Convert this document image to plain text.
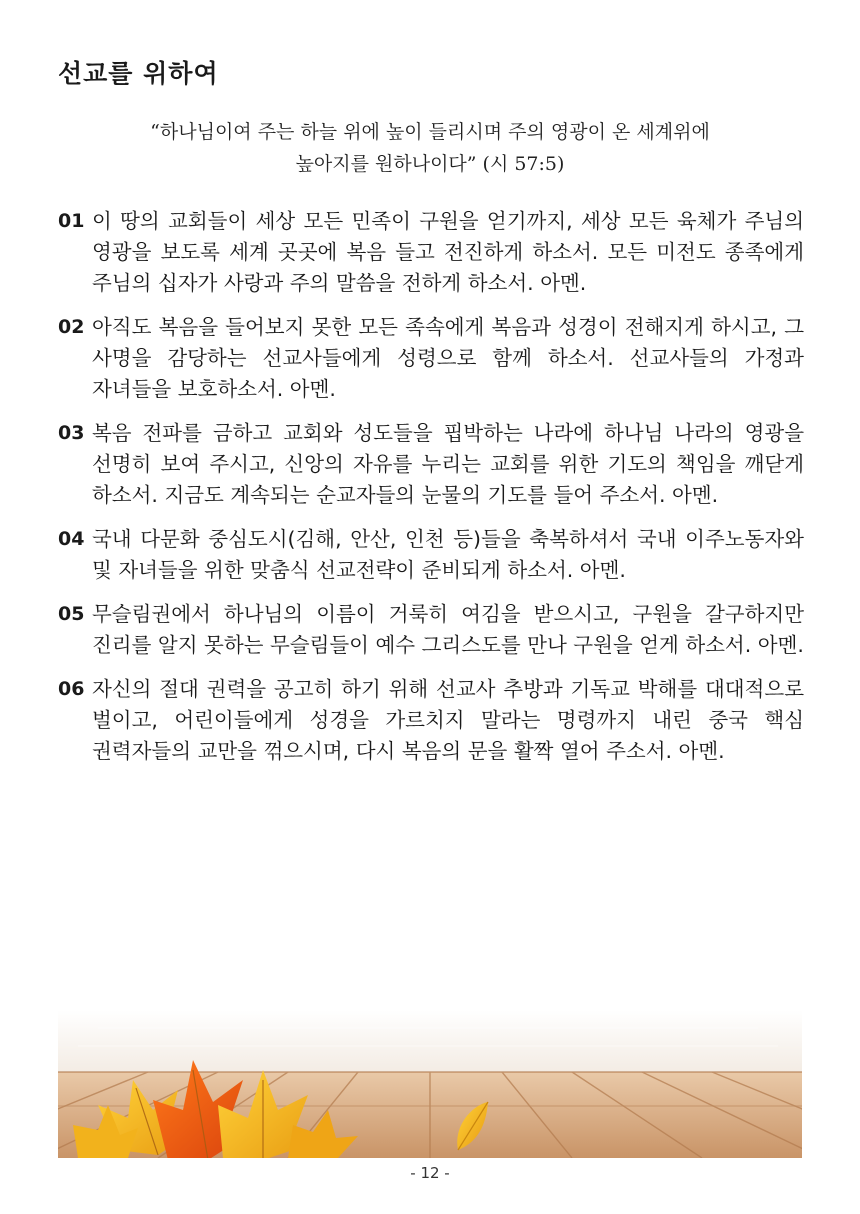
선교를 위하여
“하나님이여 주는 하늘 위에 높이 들리시며 주의 영광이 온 세계위에
높아지를 원하나이다” (시 57:5)
01 이 땅의 교회들이 세상 모든 민족이 구원을 얻기까지, 세상 모든 육체가 주님의 영광을 보도록 세계 곳곳에 복음 들고 전진하게 하소서. 모든 미전도 종족에게 주님의 십자가 사랑과 주의 말씀을 전하게 하소서. 아멘.
02 아직도 복음을 들어보지 못한 모든 족속에게 복음과 성경이 전해지게 하시고, 그 사명을 감당하는 선교사들에게 성령으로 함께 하소서. 선교사들의 가정과 자녀들을 보호하소서. 아멘.
03 복음 전파를 금하고 교회와 성도들을 핍박하는 나라에 하나님 나라의 영광을 선명히 보여 주시고, 신앙의 자유를 누리는 교회를 위한 기도의 책임을 깨닫게 하소서. 지금도 계속되는 순교자들의 눈물의 기도를 들어 주소서. 아멘.
04 국내 다문화 중심도시(김해, 안산, 인천 등)들을 축복하셔서 국내 이주노동자와 및 자녀들을 위한 맞춤식 선교전략이 준비되게 하소서. 아멘.
05 무슬림권에서 하나님의 이름이 거룩히 여김을 받으시고, 구원을 갈구하지만 진리를 알지 못하는 무슬림들이 예수 그리스도를 만나 구원을 얻게 하소서. 아멘.
06 자신의 절대 권력을 공고히 하기 위해 선교사 추방과 기독교 박해를 대대적으로 벌이고, 어린이들에게 성경을 가르치지 말라는 명령까지 내린 중국 핵심 권력자들의 교만을 꺾으시며, 다시 복음의 문을 활짝 열어 주소서. 아멘.
- 12 -
